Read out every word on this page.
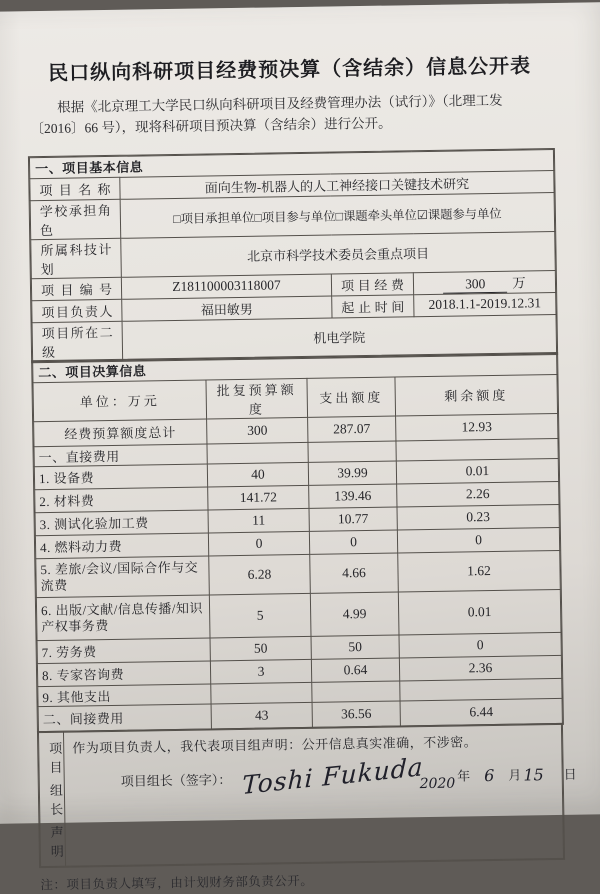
民口纵向科研项目经费预决算（含结余）信息公开表
根据《北京理工大学民口纵向科研项目及经费管理办法（试行）》（北理工发
〔2016〕66 号），现将科研项目预决算（含结余）进行公开。
一、项目基本信息			
项目名称	面向生物-机器人的人工神经接口关键技术研究		
学校承担角色	□项目承担单位□项目参与单位□课题牵头单位☑课题参与单位		
所属科技计划	北京市科学技术委员会重点项目		
项目编号	Z181100003118007	项目经费	300 万
项目负责人	福田敏男	起止时间	2018.1.1-2019.12.31
项目所在二级	机电学院		
二、项目决算信息			
单位：万元	批复预算额度	支出额度	剩余额度
经费预算额度总计	300	287.07	12.93
一、直接费用			
1. 设备费	40	39.99	0.01
2. 材料费	141.72	139.46	2.26
3. 测试化验加工费	11	10.77	0.23
4. 燃料动力费	0	0	0
5. 差旅/会议/国际合作与交流费	6.28	4.66	1.62
6. 出版/文献/信息传播/知识产权事务费	5	4.99	0.01
7. 劳务费	50	50	0
8. 专家咨询费	3	0.64	2.36
9. 其他支出			
二、间接费用	43	36.56	6.44
项目
组长
声明
作为项目负责人，我代表项目组声明：公开信息真实准确，不涉密。
项目组长（签字）： Toshi Fukuda
2020 年 6 月 15 日

注：项目负责人填写，由计划财务部负责公开。
